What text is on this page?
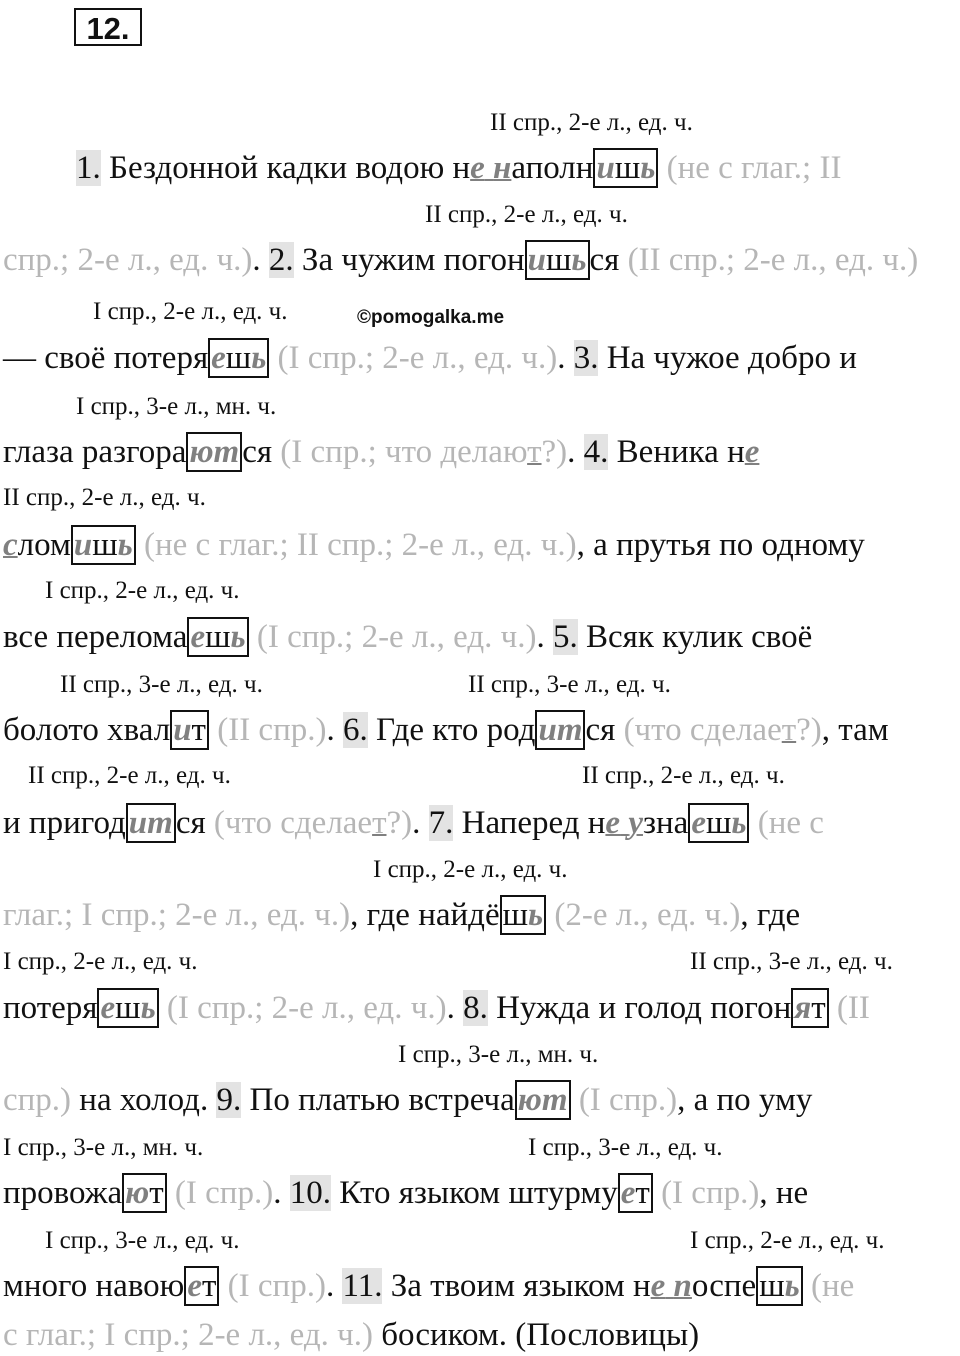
12.
©pomogalka.me
II спр., 2-е л., ед. ч.
II спр., 2-е л., ед. ч.
I спр., 2-е л., ед. ч.
I спр., 3-е л., мн. ч.
II спр., 2-е л., ед. ч.
I спр., 2-е л., ед. ч.
II спр., 3-е л., ед. ч.	II спр., 3-е л., ед. ч.
II спр., 2-е л., ед. ч.	II спр., 2-е л., ед. ч.
I спр., 2-е л., ед. ч.
I спр., 2-е л., ед. ч.	II спр., 3-е л., ед. ч.
I спр., 3-е л., мн. ч.
I спр., 3-е л., мн. ч.	I спр., 3-е л., ед. ч.
I спр., 3-е л., ед. ч.	I спр., 2-е л., ед. ч.
1. Бездонной кадки водою не наполнишь (не с глаг.; II
спр.; 2-е л., ед. ч.). 2. За чужим погонишься (II спр.; 2-е л., ед. ч.)
— своё потеряешь (I спр.; 2-е л., ед. ч.). 3. На чужое добро и
глаза разгораются (I спр.; что делают?). 4. Веника не
сломишь (не с глаг.; II спр.; 2-е л., ед. ч.), а прутья по одному
все переломаешь (I спр.; 2-е л., ед. ч.). 5. Всяк кулик своё
болото хвалит (II спр.). 6. Где кто родится (что сделает?), там
и пригодится (что сделает?). 7. Наперед не узнаешь (не с
глаг.; I спр.; 2-е л., ед. ч.), где найдёшь (2-е л., ед. ч.), где
потеряешь (I спр.; 2-е л., ед. ч.). 8. Нужда и голод погонят (II
спр.) на холод. 9. По платью встречают (I спр.), а по уму
провожают (I спр.). 10. Кто языком штурмует (I спр.), не
много навоюет (I спр.). 11. За твоим языком не поспешь (не
с глаг.; I спр.; 2-е л., ед. ч.) босиком. (Пословицы)
